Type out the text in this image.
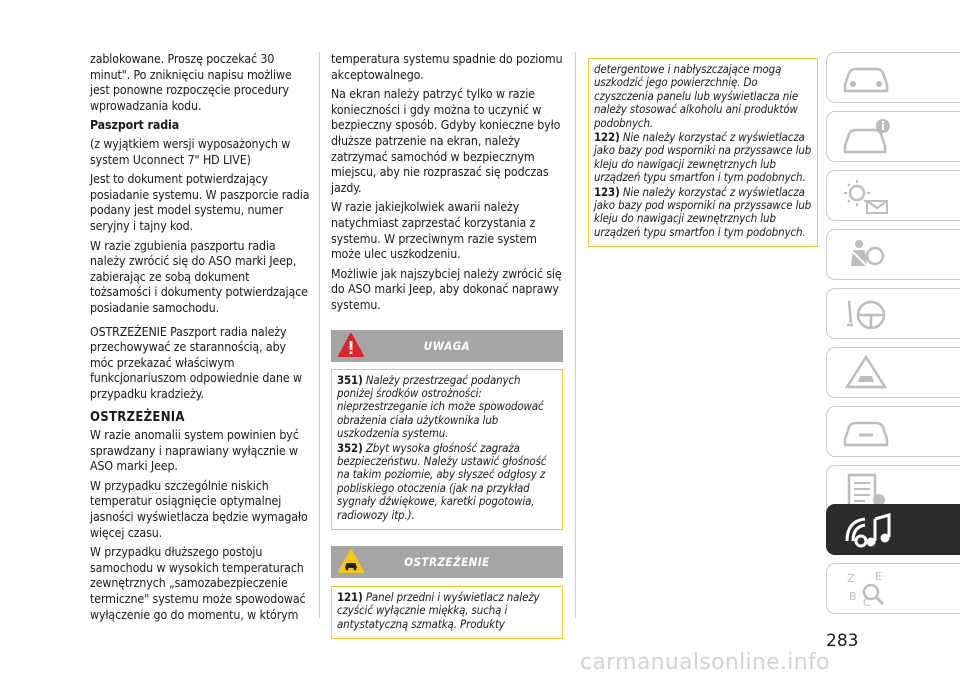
zablokowane. Proszę poczekać 30 minut". Po zniknięciu napisu możliwe jest ponowne rozpoczęcie procedury wprowadzania kodu.

Paszport radia

(z wyjątkiem wersji wyposażonych w system Uconnect 7" HD LIVE)

Jest to dokument potwierdzający posiadanie systemu. W paszporcie radia podany jest model systemu, numer seryjny i tajny kod.

W razie zgubienia paszportu radia należy zwrócić się do ASO marki Jeep, zabierając ze sobą dokument tożsamości i dokumenty potwierdzające posiadanie samochodu.

OSTRZEŻENIE Paszport radia należy przechowywać ze starannością, aby móc przekazać właściwym funkcjonariuszom odpowiednie dane w przypadku kradzieży.

OSTRZEŻENIA

W razie anomalii system powinien być sprawdzany i naprawiany wyłącznie w ASO marki Jeep.

W przypadku szczególnie niskich temperatur osiągnięcie optymalnej jasności wyświetlacza będzie wymagało więcej czasu.

W przypadku dłuższego postoju samochodu w wysokich temperaturach zewnętrznych „samozabezpieczenie termiczne" systemu może spowodować wyłączenie go do momentu, w którym

temperatura systemu spadnie do poziomu akceptowalnego.

Na ekran należy patrzyć tylko w razie konieczności i gdy można to uczynić w bezpieczny sposób. Gdyby konieczne było dłuższe patrzenie na ekran, należy zatrzymać samochód w bezpiecznym miejscu, aby nie rozpraszać się podczas jazdy.

W razie jakiejkolwiek awarii należy natychmiast zaprzestać korzystania z systemu. W przeciwnym razie system może ulec uszkodzeniu.

Możliwie jak najszybciej należy zwrócić się do ASO marki Jeep, aby dokonać naprawy systemu.

UWAGA

351) Należy przestrzegać podanych poniżej środków ostrożności: nieprzestrzeganie ich może spowodować obrażenia ciała użytkownika lub uszkodzenia systemu.

352) Zbyt wysoka głośność zagraża bezpieczeństwu. Należy ustawić głośność na takim poziomie, aby słyszeć odgłosy z pobliskiego otoczenia (jak na przykład sygnały dźwiękowe, karetki pogotowia, radiowozy itp.).

OSTRZEŻENIE

121) Panel przedni i wyświetlacz należy czyścić wyłącznie miękką, suchą i antystatyczną szmatką. Produkty

detergentowe i nabłyszczające mogą uszkodzić jego powierzchnię. Do czyszczenia panelu lub wyświetlacza nie należy stosować alkoholu ani produktów podobnych.

122) Nie należy korzystać z wyświetlacza jako bazy pod wsporniki na przyssawce lub kleju do nawigacji zewnętrznych lub urządzeń typu smartfon i tym podobnych.

123) Nie należy korzystać z wyświetlacza jako bazy pod wsporniki na przyssawce lub kleju do nawigacji zewnętrznych lub urządzeń typu smartfon i tym podobnych.

Z E
B C
283
carmanualsonline.info
